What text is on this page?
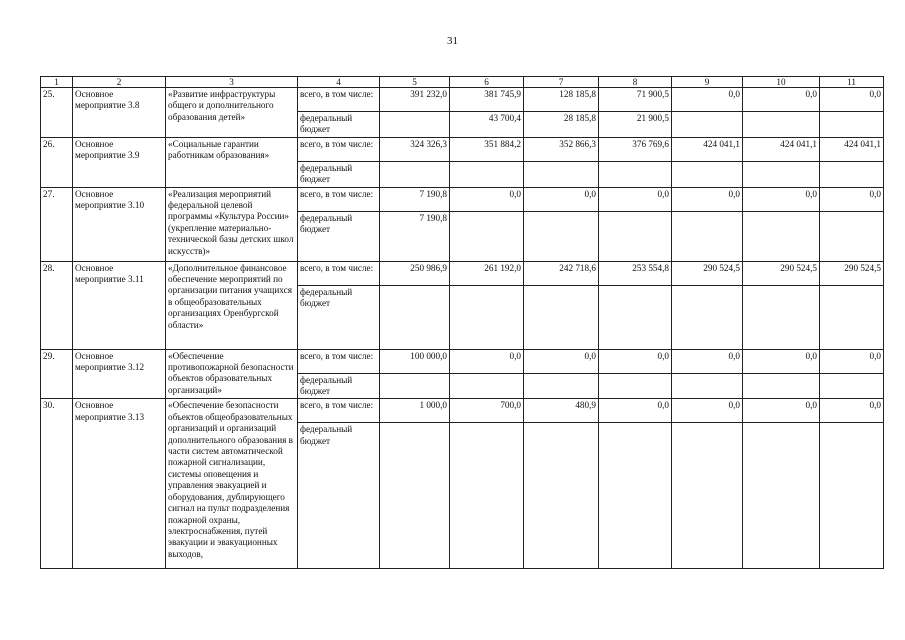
31
1	2	3	4	5	6	7	8	9	10	11
25.	Основное мероприятие 3.8	«Развитие инфраструктуры общего и дополнительного образования детей»	всего, в том числе:	391 232,0	381 745,9	128 185,8	71 900,5	0,0	0,0	0,0
			федеральный бюджет		43 700,4	28 185,8	21 900,5			
26.	Основное мероприятие 3.9	«Социальные гарантии работникам образования»	всего, в том числе:	324 326,3	351 884,2	352 866,3	376 769,6	424 041,1	424 041,1	424 041,1
			федеральный бюджет							
27.	Основное мероприятие 3.10	«Реализация мероприятий федеральной целевой программы «Культура России» (укрепление материально-технической базы детских школ искусств)»	всего, в том числе:	7 190,8	0,0	0,0	0,0	0,0	0,0	0,0
			федеральный бюджет	7 190,8						
28.	Основное мероприятие 3.11	«Дополнительное финансовое обеспечение мероприятий по организации питания учащихся в общеобразовательных организациях Оренбургской области»	всего, в том числе:	250 986,9	261 192,0	242 718,6	253 554,8	290 524,5	290 524,5	290 524,5
			федеральный бюджет							
29.	Основное мероприятие 3.12	«Обеспечение противопожарной безопасности объектов образовательных организаций»	всего, в том числе:	100 000,0	0,0	0,0	0,0	0,0	0,0	0,0
			федеральный бюджет							
30.	Основное мероприятие 3.13	«Обеспечение безопасности объектов общеобразовательных организаций и организаций дополнительного образования в части систем автоматической пожарной сигнализации, системы оповещения и управления эвакуацией и оборудования, дублирующего сигнал на пульт подразделения пожарной охраны, электроснабжения, путей эвакуации и эвакуационных выходов,	всего, в том числе:	1 000,0	700,0	480,9	0,0	0,0	0,0	0,0
			федеральный бюджет							
